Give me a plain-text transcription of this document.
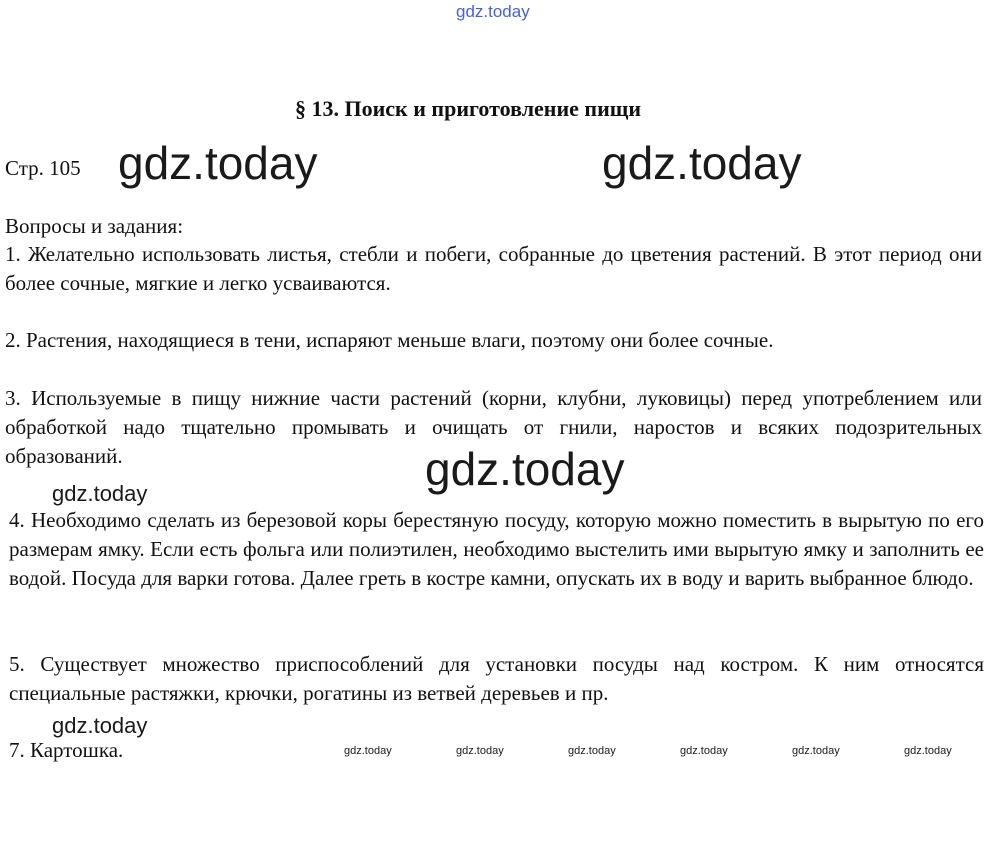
gdz.today
§ 13. Поиск и приготовление пищи
Стр. 105 gdz.today	gdz.today
Вопросы и задания:
1. Желательно использовать листья, стебли и побеги, собранные до цветения растений. В этот период они более сочные, мягкие и легко усваиваются.
2. Растения, находящиеся в тени, испаряют меньше влаги, поэтому они более сочные.
3. Используемые в пищу нижние части растений (корни, клубни, луковицы) перед употреблением или обработкой надо тщательно промывать и очищать от гнили, наростов и всяких подозрительных образований.	gdz.today
gdz.today
4. Необходимо сделать из березовой коры берестяную посуду, которую можно поместить в вырытую по его размерам ямку. Если есть фольга или полиэтилен, необходимо выстелить ими вырытую ямку и заполнить ее водой. Посуда для варки готова. Далее греть в костре камни, опускать их в воду и варить выбранное блюдо.
5. Существует множество приспособлений для установки посуды над костром. К ним относятся специальные растяжки, крючки, рогатины из ветвей деревьев и пр.
gdz.today
7. Картошка.	gdz.today	gdz.today	gdz.today	gdz.today	gdz.today	gdz.today
